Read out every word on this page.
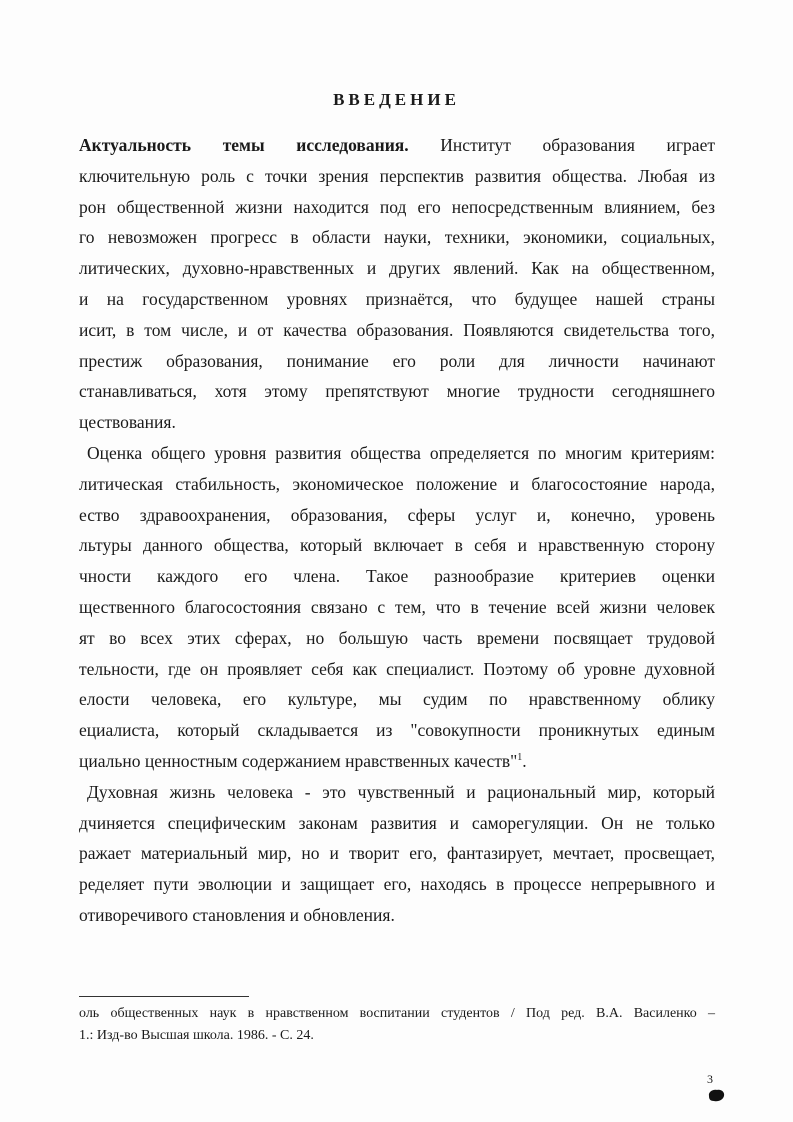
ВВЕДЕНИЕ
Актуальность темы исследования. Институт образования играет
ключительную роль с точки зрения перспектив развития общества. Любая из
рон общественной жизни находится под его непосредственным влиянием, без
го невозможен прогресс в области науки, техники, экономики, социальных,
литических, духовно-нравственных и других явлений. Как на общественном,
и на государственном уровнях признаётся, что будущее нашей страны
исит, в том числе, и от качества образования. Появляются свидетельства того,
престиж образования, понимание его роли для личности начинают
станавливаться, хотя этому препятствуют многие трудности сегодняшнего
цествования.
Оценка общего уровня развития общества определяется по многим критериям:
литическая стабильность, экономическое положение и благосостояние народа,
ество здравоохранения, образования, сферы услуг и, конечно, уровень
льтуры данного общества, который включает в себя и нравственную сторону
чности каждого его члена. Такое разнообразие критериев оценки
щественного благосостояния связано с тем, что в течение всей жизни человек
ят во всех этих сферах, но большую часть времени посвящает трудовой
тельности, где он проявляет себя как специалист. Поэтому об уровне духовной
елости человека, его культуре, мы судим по нравственному облику
ециалиста, который складывается из "совокупности проникнутых единым
циально ценностным содержанием нравственных качеств"$^1$.
Духовная жизнь человека - это чувственный и рациональный мир, который
дчиняется специфическим законам развития и саморегуляции. Он не только
ражает материальный мир, но и творит его, фантазирует, мечтает, просвещает,
ределяет пути эволюции и защищает его, находясь в процессе непрерывного и
отиворечивого становления и обновления.
оль общественных наук в нравственном воспитании студентов / Под ред. В.А. Василенко –
1.: Изд-во Высшая школа. 1986. - С. 24.
3
